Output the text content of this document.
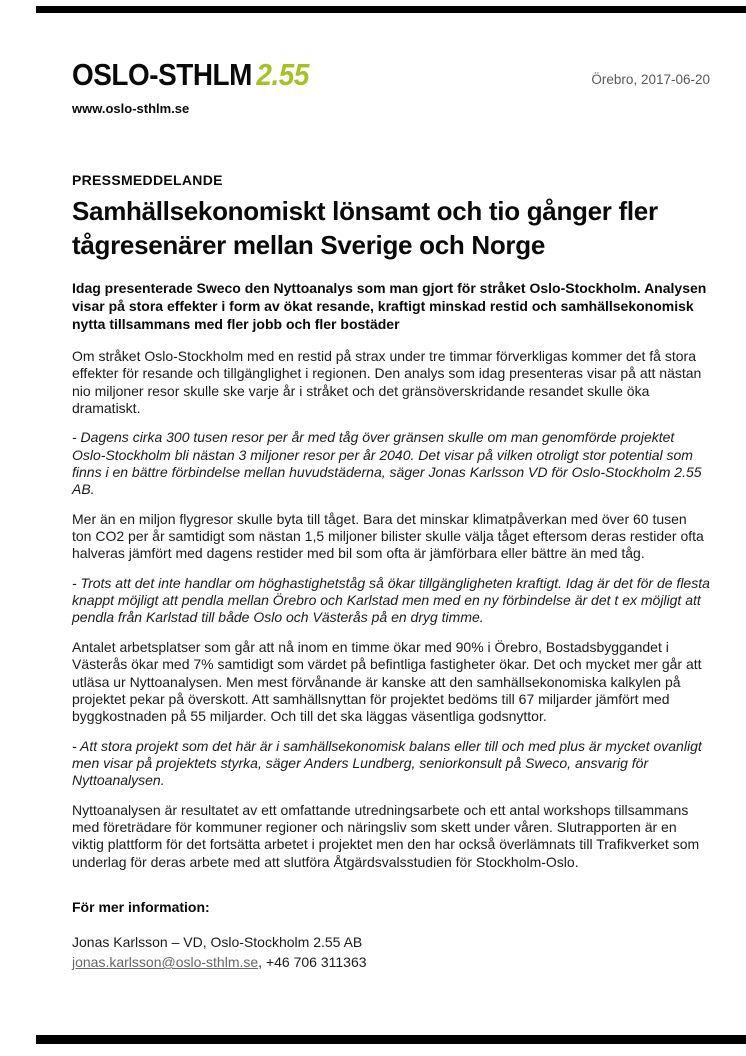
OSLO-STHLM 2.55	Örebro, 2017-06-20
www.oslo-sthlm.se
PRESSMEDDELANDE
Samhällsekonomiskt lönsamt och tio gånger fler tågresenärer mellan Sverige och Norge

Idag presenterade Sweco den Nyttoanalys som man gjort för stråket Oslo-Stockholm. Analysen visar på stora effekter i form av ökat resande, kraftigt minskad restid och samhällsekonomisk nytta tillsammans med fler jobb och fler bostäder

Om stråket Oslo-Stockholm med en restid på strax under tre timmar förverkligas kommer det få stora effekter för resande och tillgänglighet i regionen. Den analys som idag presenteras visar på att nästan nio miljoner resor skulle ske varje år i stråket och det gränsöverskridande resandet skulle öka dramatiskt.

- Dagens cirka 300 tusen resor per år med tåg över gränsen skulle om man genomförde projektet Oslo-Stockholm bli nästan 3 miljoner resor per år 2040. Det visar på vilken otroligt stor potential som finns i en bättre förbindelse mellan huvudstäderna, säger Jonas Karlsson VD för Oslo-Stockholm 2.55 AB.

Mer än en miljon flygresor skulle byta till tåget. Bara det minskar klimatpåverkan med över 60 tusen ton CO2 per år samtidigt som nästan 1,5 miljoner bilister skulle välja tåget eftersom deras restider ofta halveras jämfört med dagens restider med bil som ofta är jämförbara eller bättre än med tåg.

- Trots att det inte handlar om höghastighetståg så ökar tillgängligheten kraftigt. Idag är det för de flesta knappt möjligt att pendla mellan Örebro och Karlstad men med en ny förbindelse är det t ex möjligt att pendla från Karlstad till både Oslo och Västerås på en dryg timme.

Antalet arbetsplatser som går att nå inom en timme ökar med 90% i Örebro, Bostadsbyggandet i Västerås ökar med 7% samtidigt som värdet på befintliga fastigheter ökar. Det och mycket mer går att utläsa ur Nyttoanalysen. Men mest förvånande är kanske att den samhällsekonomiska kalkylen på projektet pekar på överskott. Att samhällsnyttan för projektet bedöms till 67 miljarder jämfört med byggkostnaden på 55 miljarder. Och till det ska läggas väsentliga godsnyttor.

- Att stora projekt som det här är i samhällsekonomisk balans eller till och med plus är mycket ovanligt men visar på projektets styrka, säger Anders Lundberg, seniorkonsult på Sweco, ansvarig för Nyttoanalysen.

Nyttoanalysen är resultatet av ett omfattande utredningsarbete och ett antal workshops tillsammans med företrädare för kommuner regioner och näringsliv som skett under våren. Slutrapporten är en viktig plattform för det fortsätta arbetet i projektet men den har också överlämnats till Trafikverket som underlag för deras arbete med att slutföra Åtgärdsvalsstudien för Stockholm-Oslo.

För mer information:
Jonas Karlsson – VD, Oslo-Stockholm 2.55 AB
jonas.karlsson@oslo-sthlm.se, +46 706 311363
